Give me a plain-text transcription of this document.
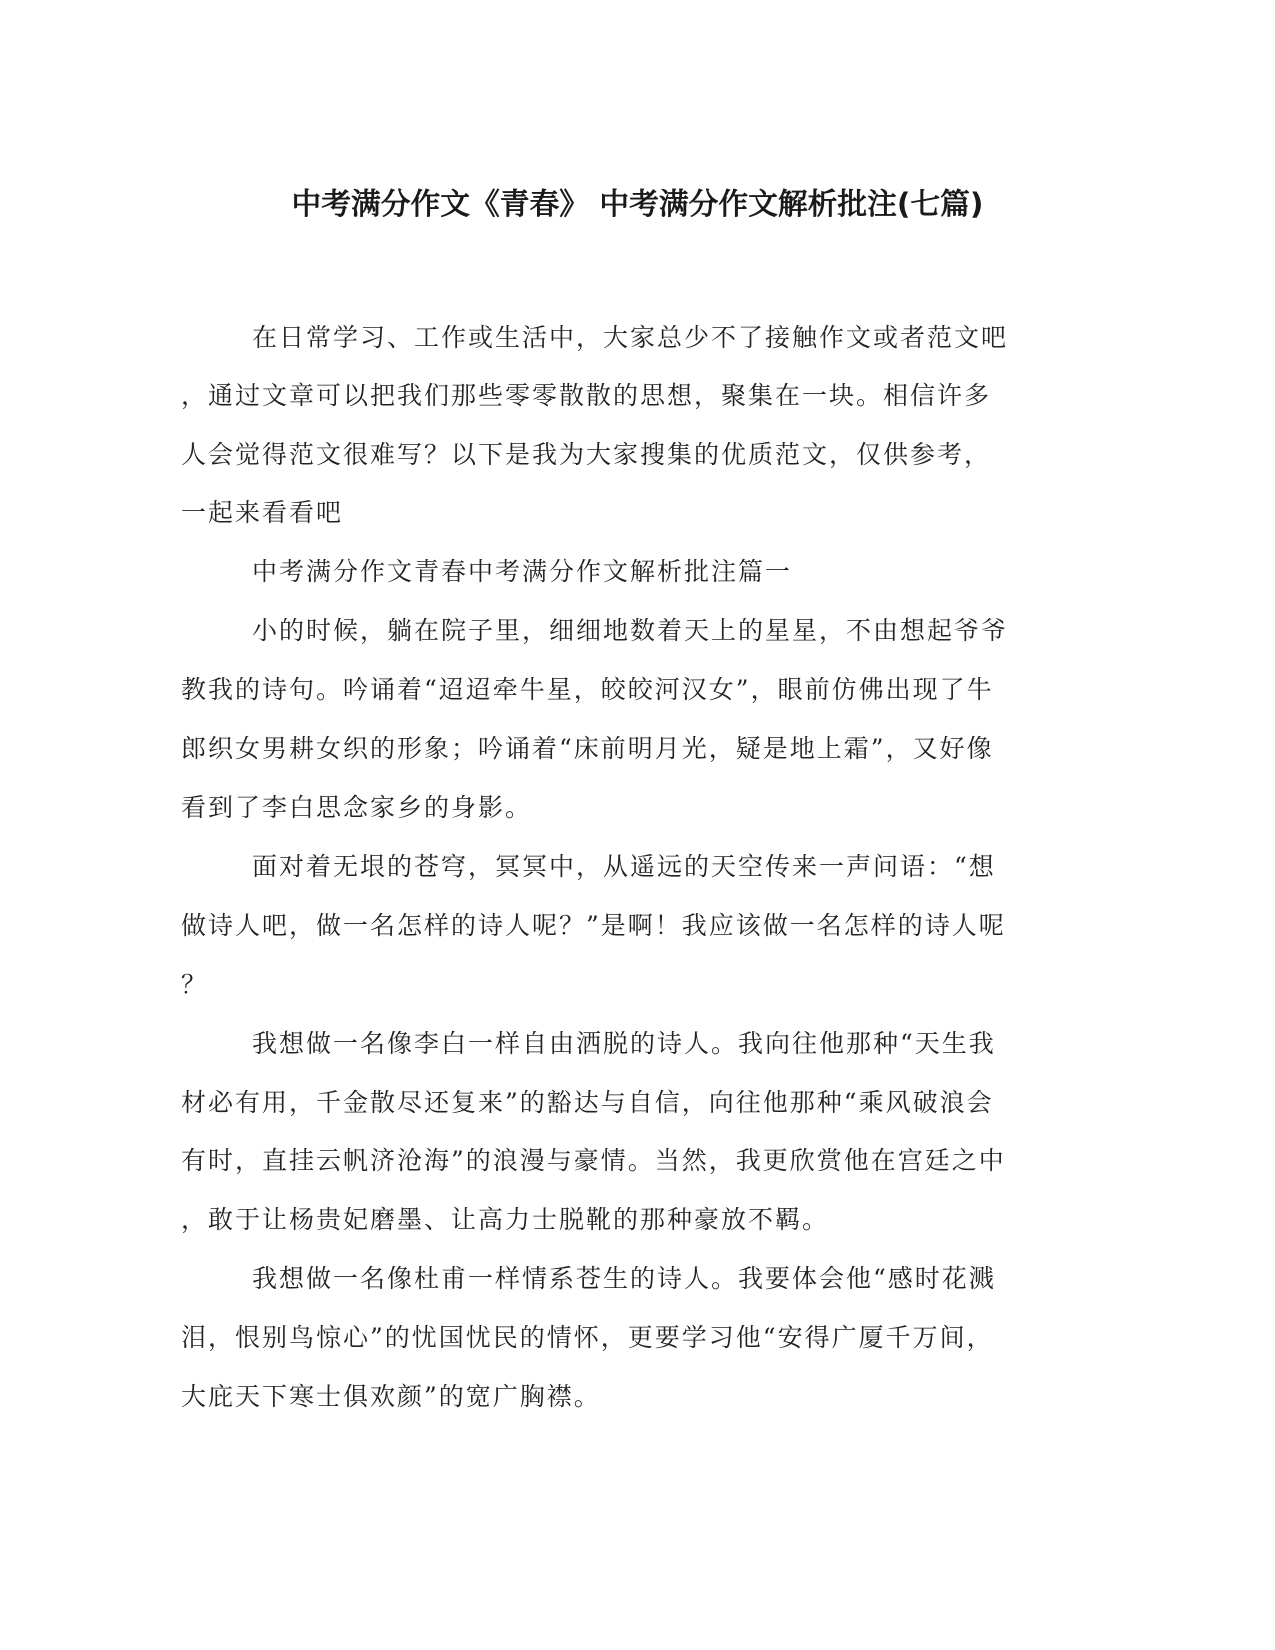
中考满分作文《青春》 中考满分作文解析批注(七篇)

在日常学习、工作或生活中，大家总少不了接触作文或者范文吧

，通过文章可以把我们那些零零散散的思想，聚集在一块。相信许多

人会觉得范文很难写？以下是我为大家搜集的优质范文，仅供参考，

一起来看看吧

中考满分作文青春中考满分作文解析批注篇一

小的时候，躺在院子里，细细地数着天上的星星，不由想起爷爷

教我的诗句。吟诵着“迢迢牵牛星，皎皎河汉女”，眼前仿佛出现了牛

郎织女男耕女织的形象；吟诵着“床前明月光，疑是地上霜”，又好像

看到了李白思念家乡的身影。

面对着无垠的苍穹，冥冥中，从遥远的天空传来一声问语：“想

做诗人吧，做一名怎样的诗人呢？”是啊！我应该做一名怎样的诗人呢

？

我想做一名像李白一样自由洒脱的诗人。我向往他那种“天生我

材必有用，千金散尽还复来”的豁达与自信，向往他那种“乘风破浪会

有时，直挂云帆济沧海”的浪漫与豪情。当然，我更欣赏他在宫廷之中

，敢于让杨贵妃磨墨、让高力士脱靴的那种豪放不羁。

我想做一名像杜甫一样情系苍生的诗人。我要体会他“感时花溅

泪，恨别鸟惊心”的忧国忧民的情怀，更要学习他“安得广厦千万间，

大庇天下寒士俱欢颜”的宽广胸襟。
